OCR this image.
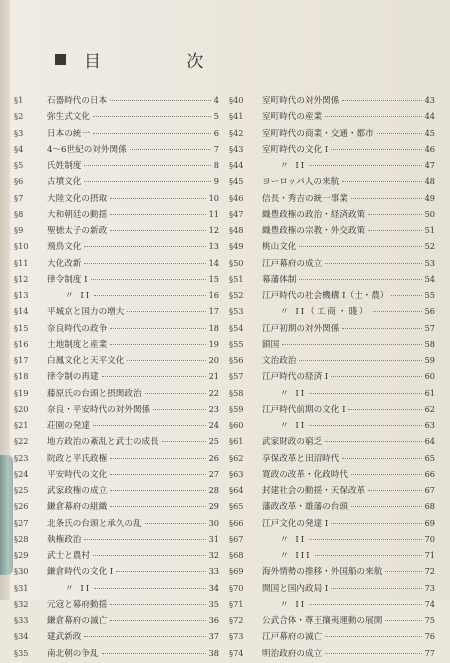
目 次
§1	石器時代の日本	4
§2	弥生式文化	5
§3	日本の統一	6
§4	4〜6世紀の対外関係	7
§5	氏姓制度	8
§6	古墳文化	9
§7	大陸文化の摂取	10
§8	大和朝廷の動揺	11
§9	聖徳太子の新政	12
§10	飛鳥文化	13
§11	大化改新	14
§12	律令制度 I	15
§13	〃 II	16
§14	平城京と国力の増大	17
§15	奈良時代の政争	18
§16	土地制度と産業	19
§17	白鳳文化と天平文化	20
§18	律令制の再建	21
§19	藤原氏の台頭と摂関政治	22
§20	奈良・平安時代の対外関係	23
§21	荘園の発達	24
§22	地方政治の紊乱と武士の成長	25
§23	院政と平氏政権	26
§24	平安時代の文化	27
§25	武家政権の成立	28
§26	鎌倉幕府の組織	29
§27	北条氏の台頭と承久の乱	30
§28	執権政治	31
§29	武士と農村	32
§30	鎌倉時代の文化 I	33
§31	〃 II	34
§32	元寇と幕府動揺	35
§33	鎌倉幕府の滅亡	36
§34	建武新政	37
§35	南北朝の争乱	38
§40	室町時代の対外関係	43
§41	室町時代の産業	44
§42	室町時代の商業・交通・都市	45
§43	室町時代の文化 I	46
§44	〃 II	47
§45	ヨーロッパ人の来航	48
§46	信長・秀吉の統一事業	49
§47	織豊政権の政治・経済政策	50
§48	織豊政権の宗教・外交政策	51
§49	桃山文化	52
§50	江戸幕府の成立	53
§51	幕藩体制	54
§52	江戸時代の社会機構 I（士・農）	55
§53	〃 II（工商・賤）	56
§54	江戸初期の対外関係	57
§55	鎖国	58
§56	文治政治	59
§57	江戸時代の経済 I	60
§58	〃 II	61
§59	江戸時代前期の文化 I	62
§60	〃 II	63
§61	武家財政の窮乏	64
§62	享保改革と田沼時代	65
§63	寛政の改革・化政時代	66
§64	封建社会の動揺・天保改革	67
§65	藩政改革・雄藩の台頭	68
§66	江戸文化の発達 I	69
§67	〃 II	70
§68	〃 III	71
§69	海外情勢の推移・外国船の来航	72
§70	開国と国内政局 I	73
§71	〃 II	74
§72	公武合体・尊王攘夷運動の展開	75
§73	江戸幕府の滅亡	76
§74	明治政府の成立	77
